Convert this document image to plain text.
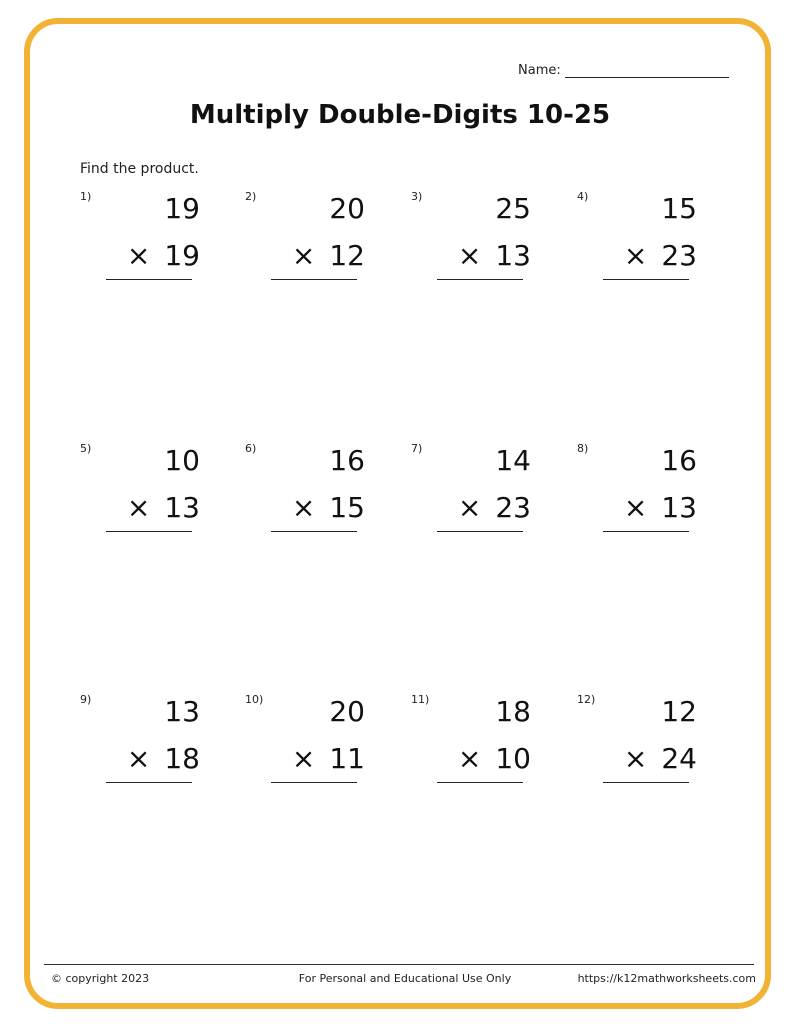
Name:
Multiply Double-Digits 10-25
Find the product.
1)	19
× 19
2)	20
× 12
3)	25
× 13
4)	15
× 23
5)	10
× 13
6)	16
× 15
7)	14
× 23
8)	16
× 13
9)	13
× 18
10) 20
× 11
11) 18
× 10
12) 12
× 24
© copyright 2023	For Personal and Educational Use Only	https://k12mathworksheets.com
